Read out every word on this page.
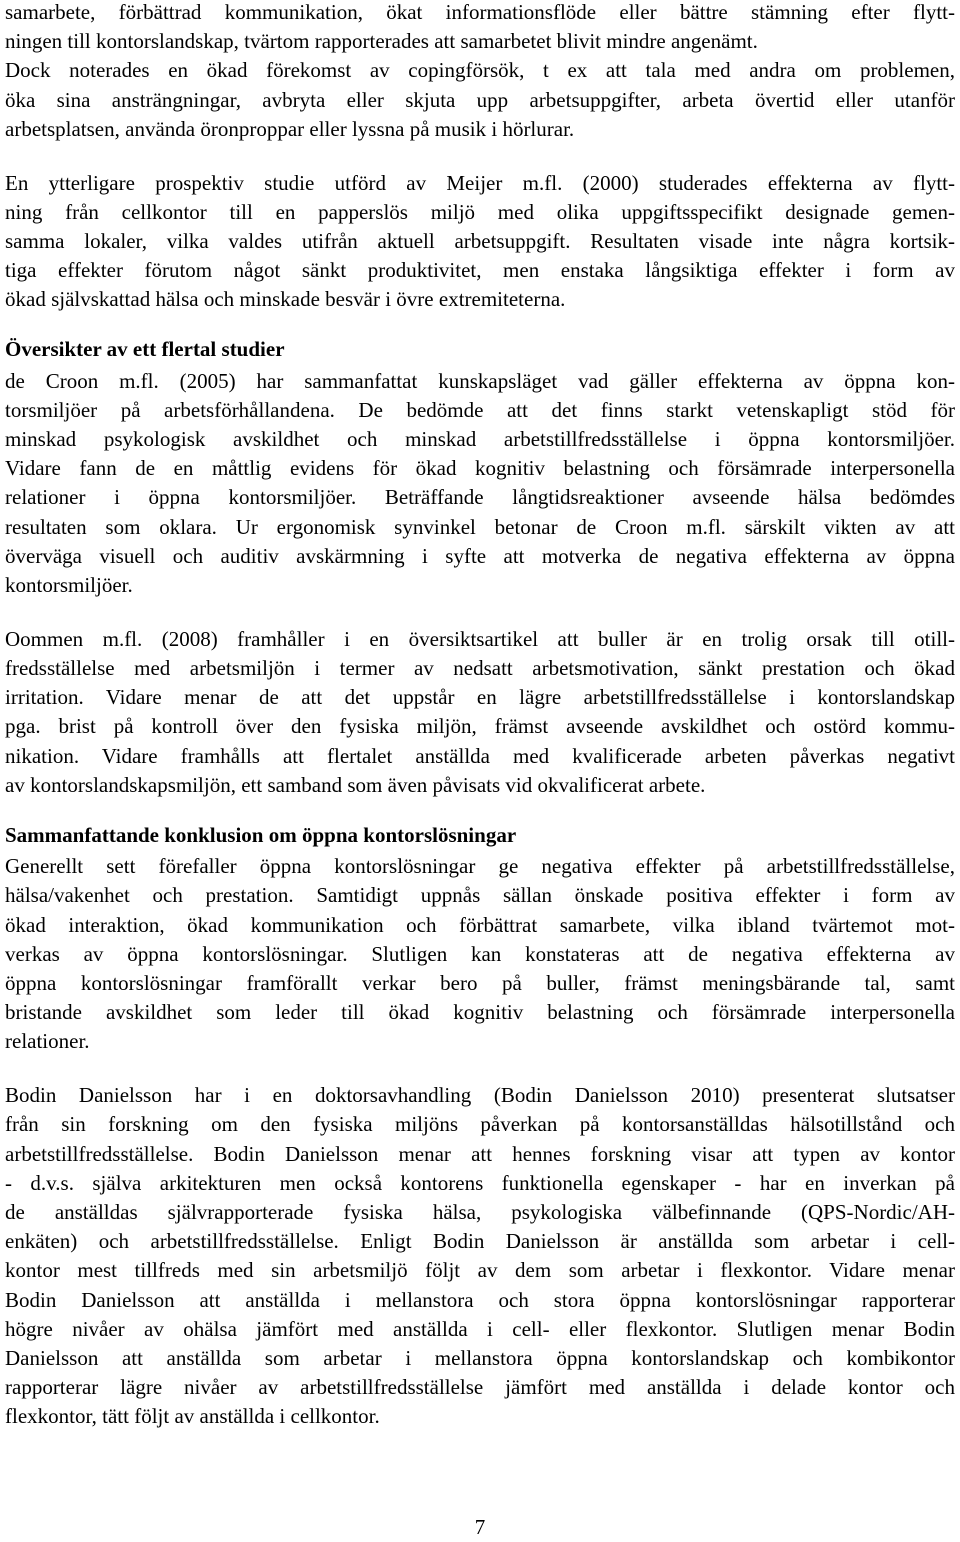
7
samarbete, förbättrad kommunikation, ökat informationsflöde eller bättre stämning efter flytt-
ningen till kontorslandskap, tvärtom rapporterades att samarbetet blivit mindre angenämt.
Dock noterades en ökad förekomst av copingförsök, t ex att tala med andra om problemen,
öka sina ansträngningar, avbryta eller skjuta upp arbetsuppgifter, arbeta övertid eller utanför
arbetsplatsen, använda öronproppar eller lyssna på musik i hörlurar.
En ytterligare prospektiv studie utförd av Meijer m.fl. (2000) studerades effekterna av flytt-
ning från cellkontor till en papperslös miljö med olika uppgiftsspecifikt designade gemen-
samma lokaler, vilka valdes utifrån aktuell arbetsuppgift. Resultaten visade inte några kortsik-
tiga effekter förutom något sänkt produktivitet, men enstaka långsiktiga effekter i form av
ökad självskattad hälsa och minskade besvär i övre extremiteterna.
Översikter av ett flertal studier
de Croon m.fl. (2005) har sammanfattat kunskapsläget vad gäller effekterna av öppna kon-
torsmiljöer på arbetsförhållandena. De bedömde att det finns starkt vetenskapligt stöd för
minskad psykologisk avskildhet och minskad arbetstillfredsställelse i öppna kontorsmiljöer.
Vidare fann de en måttlig evidens för ökad kognitiv belastning och försämrade interpersonella
relationer i öppna kontorsmiljöer. Beträffande långtidsreaktioner avseende hälsa bedömdes
resultaten som oklara. Ur ergonomisk synvinkel betonar de Croon m.fl. särskilt vikten av att
överväga visuell och auditiv avskärmning i syfte att motverka de negativa effekterna av öppna
kontorsmiljöer.
Oommen m.fl. (2008) framhåller i en översiktsartikel att buller är en trolig orsak till otill-
fredsställelse med arbetsmiljön i termer av nedsatt arbetsmotivation, sänkt prestation och ökad
irritation. Vidare menar de att det uppstår en lägre arbetstillfredsställelse i kontorslandskap
pga. brist på kontroll över den fysiska miljön, främst avseende avskildhet och ostörd kommu-
nikation. Vidare framhålls att flertalet anställda med kvalificerade arbeten påverkas negativt
av kontorslandskapsmiljön, ett samband som även påvisats vid okvalificerat arbete.
Sammanfattande konklusion om öppna kontorslösningar
Generellt sett förefaller öppna kontorslösningar ge negativa effekter på arbetstillfredsställelse,
hälsa/vakenhet och prestation. Samtidigt uppnås sällan önskade positiva effekter i form av
ökad interaktion, ökad kommunikation och förbättrat samarbete, vilka ibland tvärtemot mot-
verkas av öppna kontorslösningar. Slutligen kan konstateras att de negativa effekterna av
öppna kontorslösningar framförallt verkar bero på buller, främst meningsbärande tal, samt
bristande avskildhet som leder till ökad kognitiv belastning och försämrade interpersonella
relationer.
Bodin Danielsson har i en doktorsavhandling (Bodin Danielsson 2010) presenterat slutsatser
från sin forskning om den fysiska miljöns påverkan på kontorsanställdas hälsotillstånd och
arbetstillfredsställelse. Bodin Danielsson menar att hennes forskning visar att typen av kontor
- d.v.s. själva arkitekturen men också kontorens funktionella egenskaper - har en inverkan på
de anställdas självrapporterade fysiska hälsa, psykologiska välbefinnande (QPS-Nordic/AH-
enkäten) och arbetstillfredsställelse. Enligt Bodin Danielsson är anställda som arbetar i cell-
kontor mest tillfreds med sin arbetsmiljö följt av dem som arbetar i flexkontor. Vidare menar
Bodin Danielsson att anställda i mellanstora och stora öppna kontorslösningar rapporterar
högre nivåer av ohälsa jämfört med anställda i cell- eller flexkontor. Slutligen menar Bodin
Danielsson att anställda som arbetar i mellanstora öppna kontorslandskap och kombikontor
rapporterar lägre nivåer av arbetstillfredsställelse jämfört med anställda i delade kontor och
flexkontor, tätt följt av anställda i cellkontor.
